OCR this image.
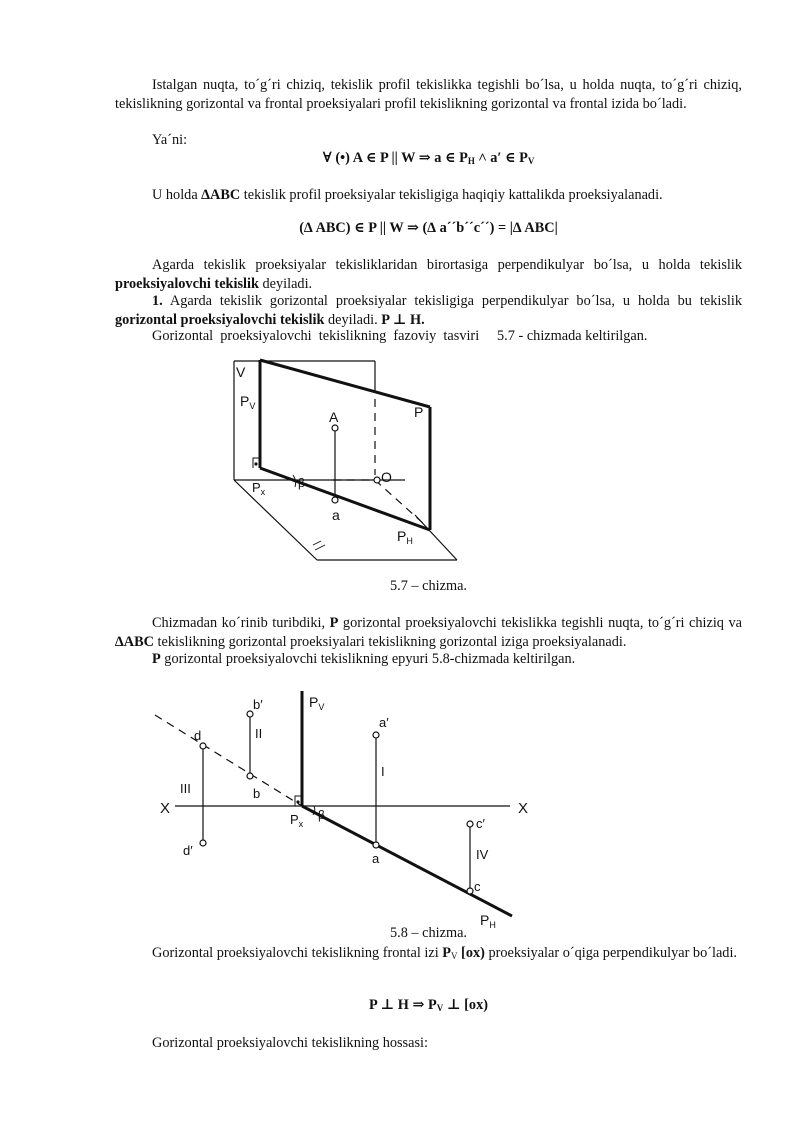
Istalgan nuqta, to´g´ri chiziq, tekislik profil tekislikka tegishli bo´lsa, u holda nuqta, to´g´ri chiziq, tekislikning gorizontal va frontal proeksiyalari profil tekislikning gorizontal va frontal izida bo´ladi.

Ya´ni:

∀ (•) A ∈ P || W ⇒ a ∈ $P_H$ ˄ a′ ∈ $P_V$

U holda ∆ABC tekislik profil proeksiyalar tekisligiga haqiqiy kattalikda proeksiyalanadi.

(∆ ABC) ∈ P || W ⇒ (∆ a´´b´´c´´) = |∆ ABC|

Agarda tekislik proeksiyalar tekisliklaridan birortasiga perpendikulyar bo´lsa, u holda tekislik proeksiyalovchi tekislik deyiladi.

1. Agarda tekislik gorizontal proeksiyalar tekisligiga perpendikulyar bo´lsa, u holda bu tekislik gorizontal proeksiyalovchi tekislik deyiladi. P ⊥ H.

Gorizontal  proeksiyalovchi  tekislikning  fazoviy  tasviri     5.7 - chizmada keltirilgan.

V
$P_V$	P
A
O
$P_x$
β
a
$P_H$

5.7 – chizma.

Chizmadan ko´rinib turibdiki, P gorizontal proeksiyalovchi tekislikka tegishli nuqta, to´g´ri chiziq va ∆ABC tekislikning gorizontal proeksiyalari tekislikning gorizontal iziga proeksiyalanadi.

P gorizontal proeksiyalovchi tekislikning epyuri 5.8-chizmada keltirilgan.

X	X
$P_V$
$P_x$
$P_H$
β
b′
II
d
III	b
d′
a′
I
a
c′
IV
c

5.8 – chizma.

Gorizontal proeksiyalovchi tekislikning frontal izi $P_V$ [ox) proeksiyalar o´qiga perpendikulyar bo´ladi.

P ⊥ H ⇒ $P_V$ ⊥ [ox)

Gorizontal proeksiyalovchi tekislikning hossasi:
